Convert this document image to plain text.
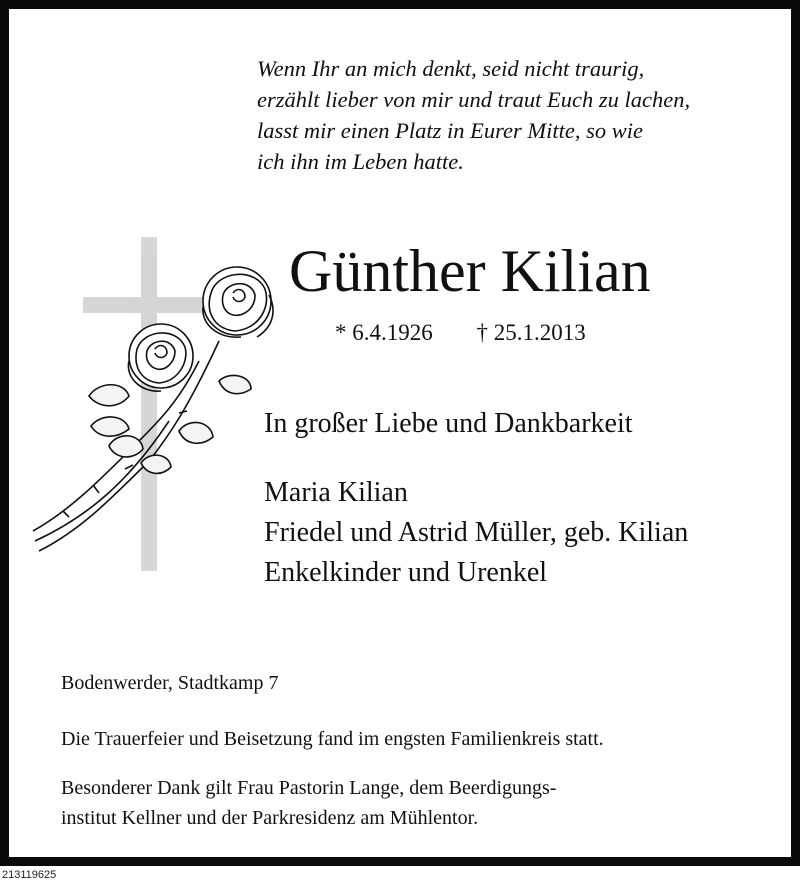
Wenn Ihr an mich denkt, seid nicht traurig,
erzählt lieber von mir und traut Euch zu lachen,
lasst mir einen Platz in Eurer Mitte, so wie
ich ihn im Leben hatte.
Günther Kilian
* 6.4.1926 † 25.1.2013
In großer Liebe und Dankbarkeit
Maria Kilian
Friedel und Astrid Müller, geb. Kilian
Enkelkinder und Urenkel
Bodenwerder, Stadtkamp 7
Die Trauerfeier und Beisetzung fand im engsten Familienkreis statt.
Besonderer Dank gilt Frau Pastorin Lange, dem Beerdigungs-
institut Kellner und der Parkresidenz am Mühlentor.
213119625
